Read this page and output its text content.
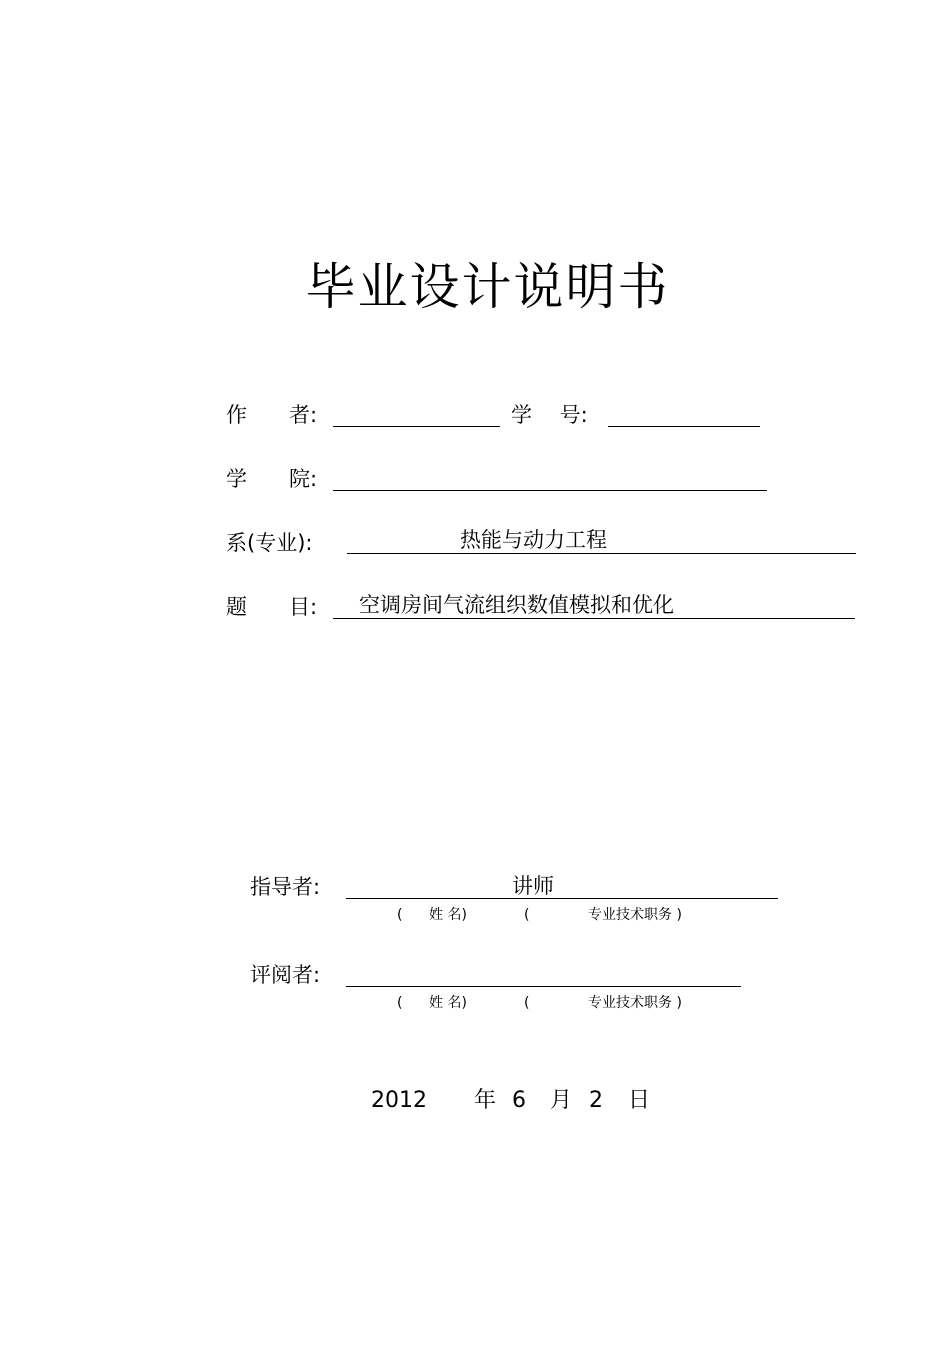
毕业设计说明书
作　　者:	学　 号:
学　　院:
系(专业):	热能与动力工程
题　　目: 空调房间气流组织数值模拟和优化
指导者:	讲师
( 姓 名)	(	专业技术职务 )
评阅者:
( 姓 名)	(	专业技术职务 )
2012 年 6 月 2 日
